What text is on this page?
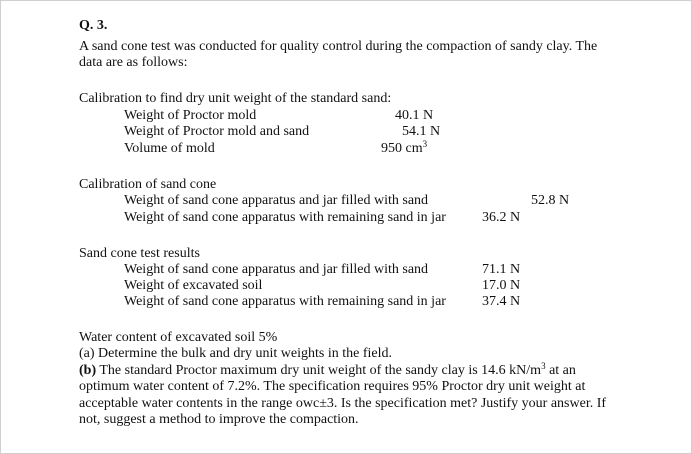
Q. 3.
A sand cone test was conducted for quality control during the compaction of sandy clay. The
data are as follows:
Calibration to find dry unit weight of the standard sand:
Weight of Proctor mold	40.1 N
Weight of Proctor mold and sand	54.1 N
Volume of mold	950 $cm^3$
Calibration of sand cone
Weight of sand cone apparatus and jar filled with sand	52.8 N
Weight of sand cone apparatus with remaining sand in jar	36.2 N
Sand cone test results
Weight of sand cone apparatus and jar filled with sand	71.1 N
Weight of excavated soil	17.0 N
Weight of sand cone apparatus with remaining sand in jar	37.4 N
Water content of excavated soil 5%
(a) Determine the bulk and dry unit weights in the field.
(b) The standard Proctor maximum dry unit weight of the sandy clay is 14.6 $kN/m^3$ at an
optimum water content of 7.2%. The specification requires 95% Proctor dry unit weight at
acceptable water contents in the range owc±3. Is the specification met? Justify your answer. If
not, suggest a method to improve the compaction.
